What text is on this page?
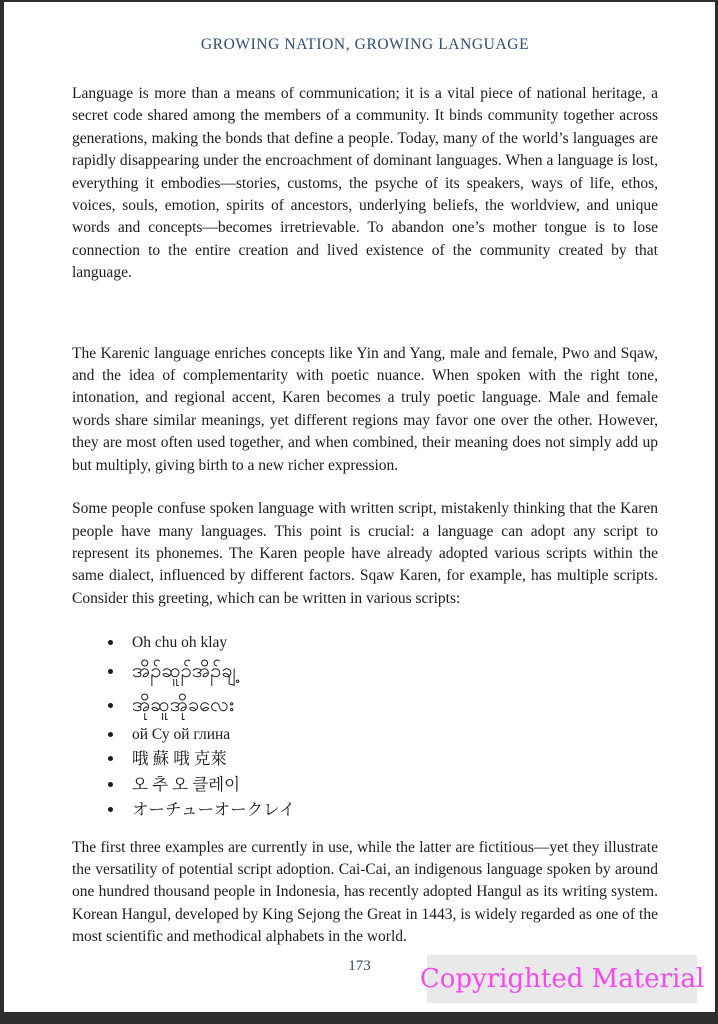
GROWING NATION, GROWING LANGUAGE

Language is more than a means of communication; it is a vital piece of national heritage, a secret code shared among the members of a community. It binds community together across generations, making the bonds that define a people. Today, many of the world’s languages are rapidly disappearing under the encroachment of dominant languages. When a language is lost, everything it embodies—stories, customs, the psyche of its speakers, ways of life, ethos, voices, souls, emotion, spirits of ancestors, underlying beliefs, the worldview, and unique words and concepts—becomes irretrievable. To abandon one’s mother tongue is to lose connection to the entire creation and lived existence of the community created by that language.

The Karenic language enriches concepts like Yin and Yang, male and female, Pwo and Sqaw, and the idea of complementarity with poetic nuance. When spoken with the right tone, intonation, and regional accent, Karen becomes a truly poetic language. Male and female words share similar meanings, yet different regions may favor one over the other. However, they are most often used together, and when combined, their meaning does not simply add up but multiply, giving birth to a new richer expression.

Some people confuse spoken language with written script, mistakenly thinking that the Karen people have many languages. This point is crucial: a language can adopt any script to represent its phonemes. The Karen people have already adopted various scripts within the same dialect, influenced by different factors. Sqaw Karen, for example, has multiple scripts. Consider this greeting, which can be written in various scripts:

Oh chu oh klay
အိၣ်ဆူၣ်အိၣ်ချ့
အိုဆူအိုခလေး
ой Су ой глина
哦 蘇 哦 克萊
오 추 오 클레이
オーチューオークレイ

The first three examples are currently in use, while the latter are fictitious—yet they illustrate the versatility of potential script adoption. Cai-Cai, an indigenous language spoken by around one hundred thousand people in Indonesia, has recently adopted Hangul as its writing system. Korean Hangul, developed by King Sejong the Great in 1443, is widely regarded as one of the most scientific and methodical alphabets in the world.

173 Copyrighted Material
